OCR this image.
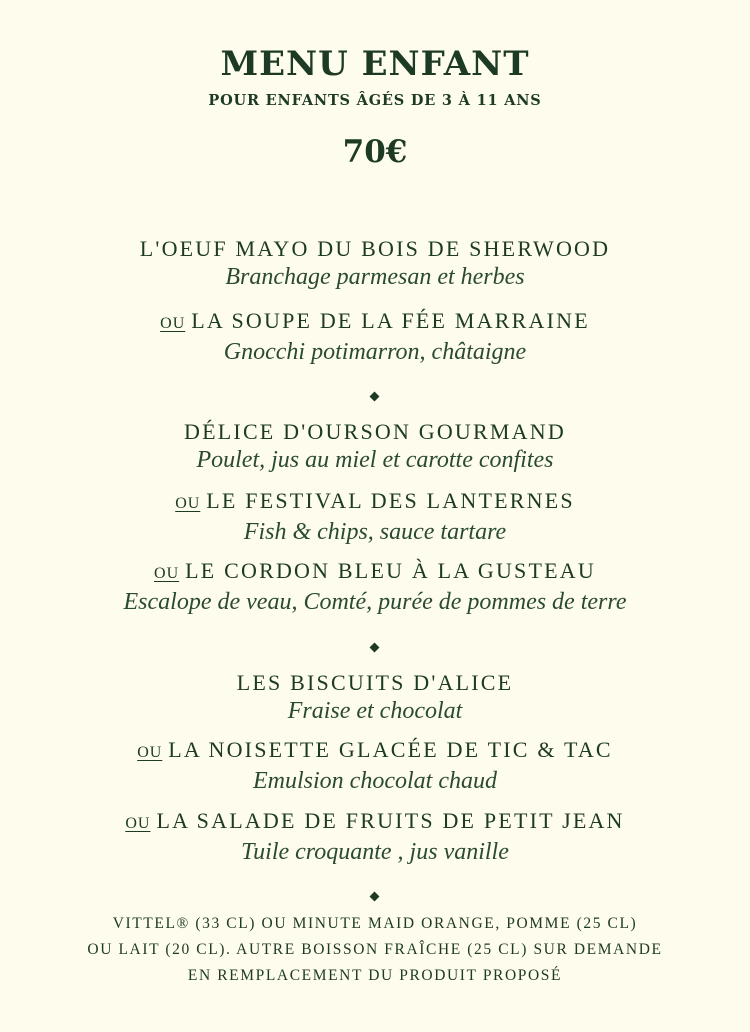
MENU ENFANT
POUR ENFANTS ÂGÉS DE 3 À 11 ANS
70€
L'OEUF MAYO DU BOIS DE SHERWOOD
Branchage parmesan et herbes
OU LA SOUPE DE LA FÉE MARRAINE
Gnocchi potimarron, châtaigne
DÉLICE D'OURSON GOURMAND
Poulet, jus au miel et carotte confites
OU LE FESTIVAL DES LANTERNES
Fish & chips, sauce tartare
OU LE CORDON BLEU À LA GUSTEAU
Escalope de veau, Comté, purée de pommes de terre
LES BISCUITS D'ALICE
Fraise et chocolat
OU LA NOISETTE GLACÉE DE TIC & TAC
Emulsion chocolat chaud
OU LA SALADE DE FRUITS DE PETIT JEAN
Tuile croquante , jus vanille
VITTEL® (33 CL) OU MINUTE MAID ORANGE, POMME (25 CL)
OU LAIT (20 CL). AUTRE BOISSON FRAÎCHE (25 CL) SUR DEMANDE
EN REMPLACEMENT DU PRODUIT PROPOSÉ
